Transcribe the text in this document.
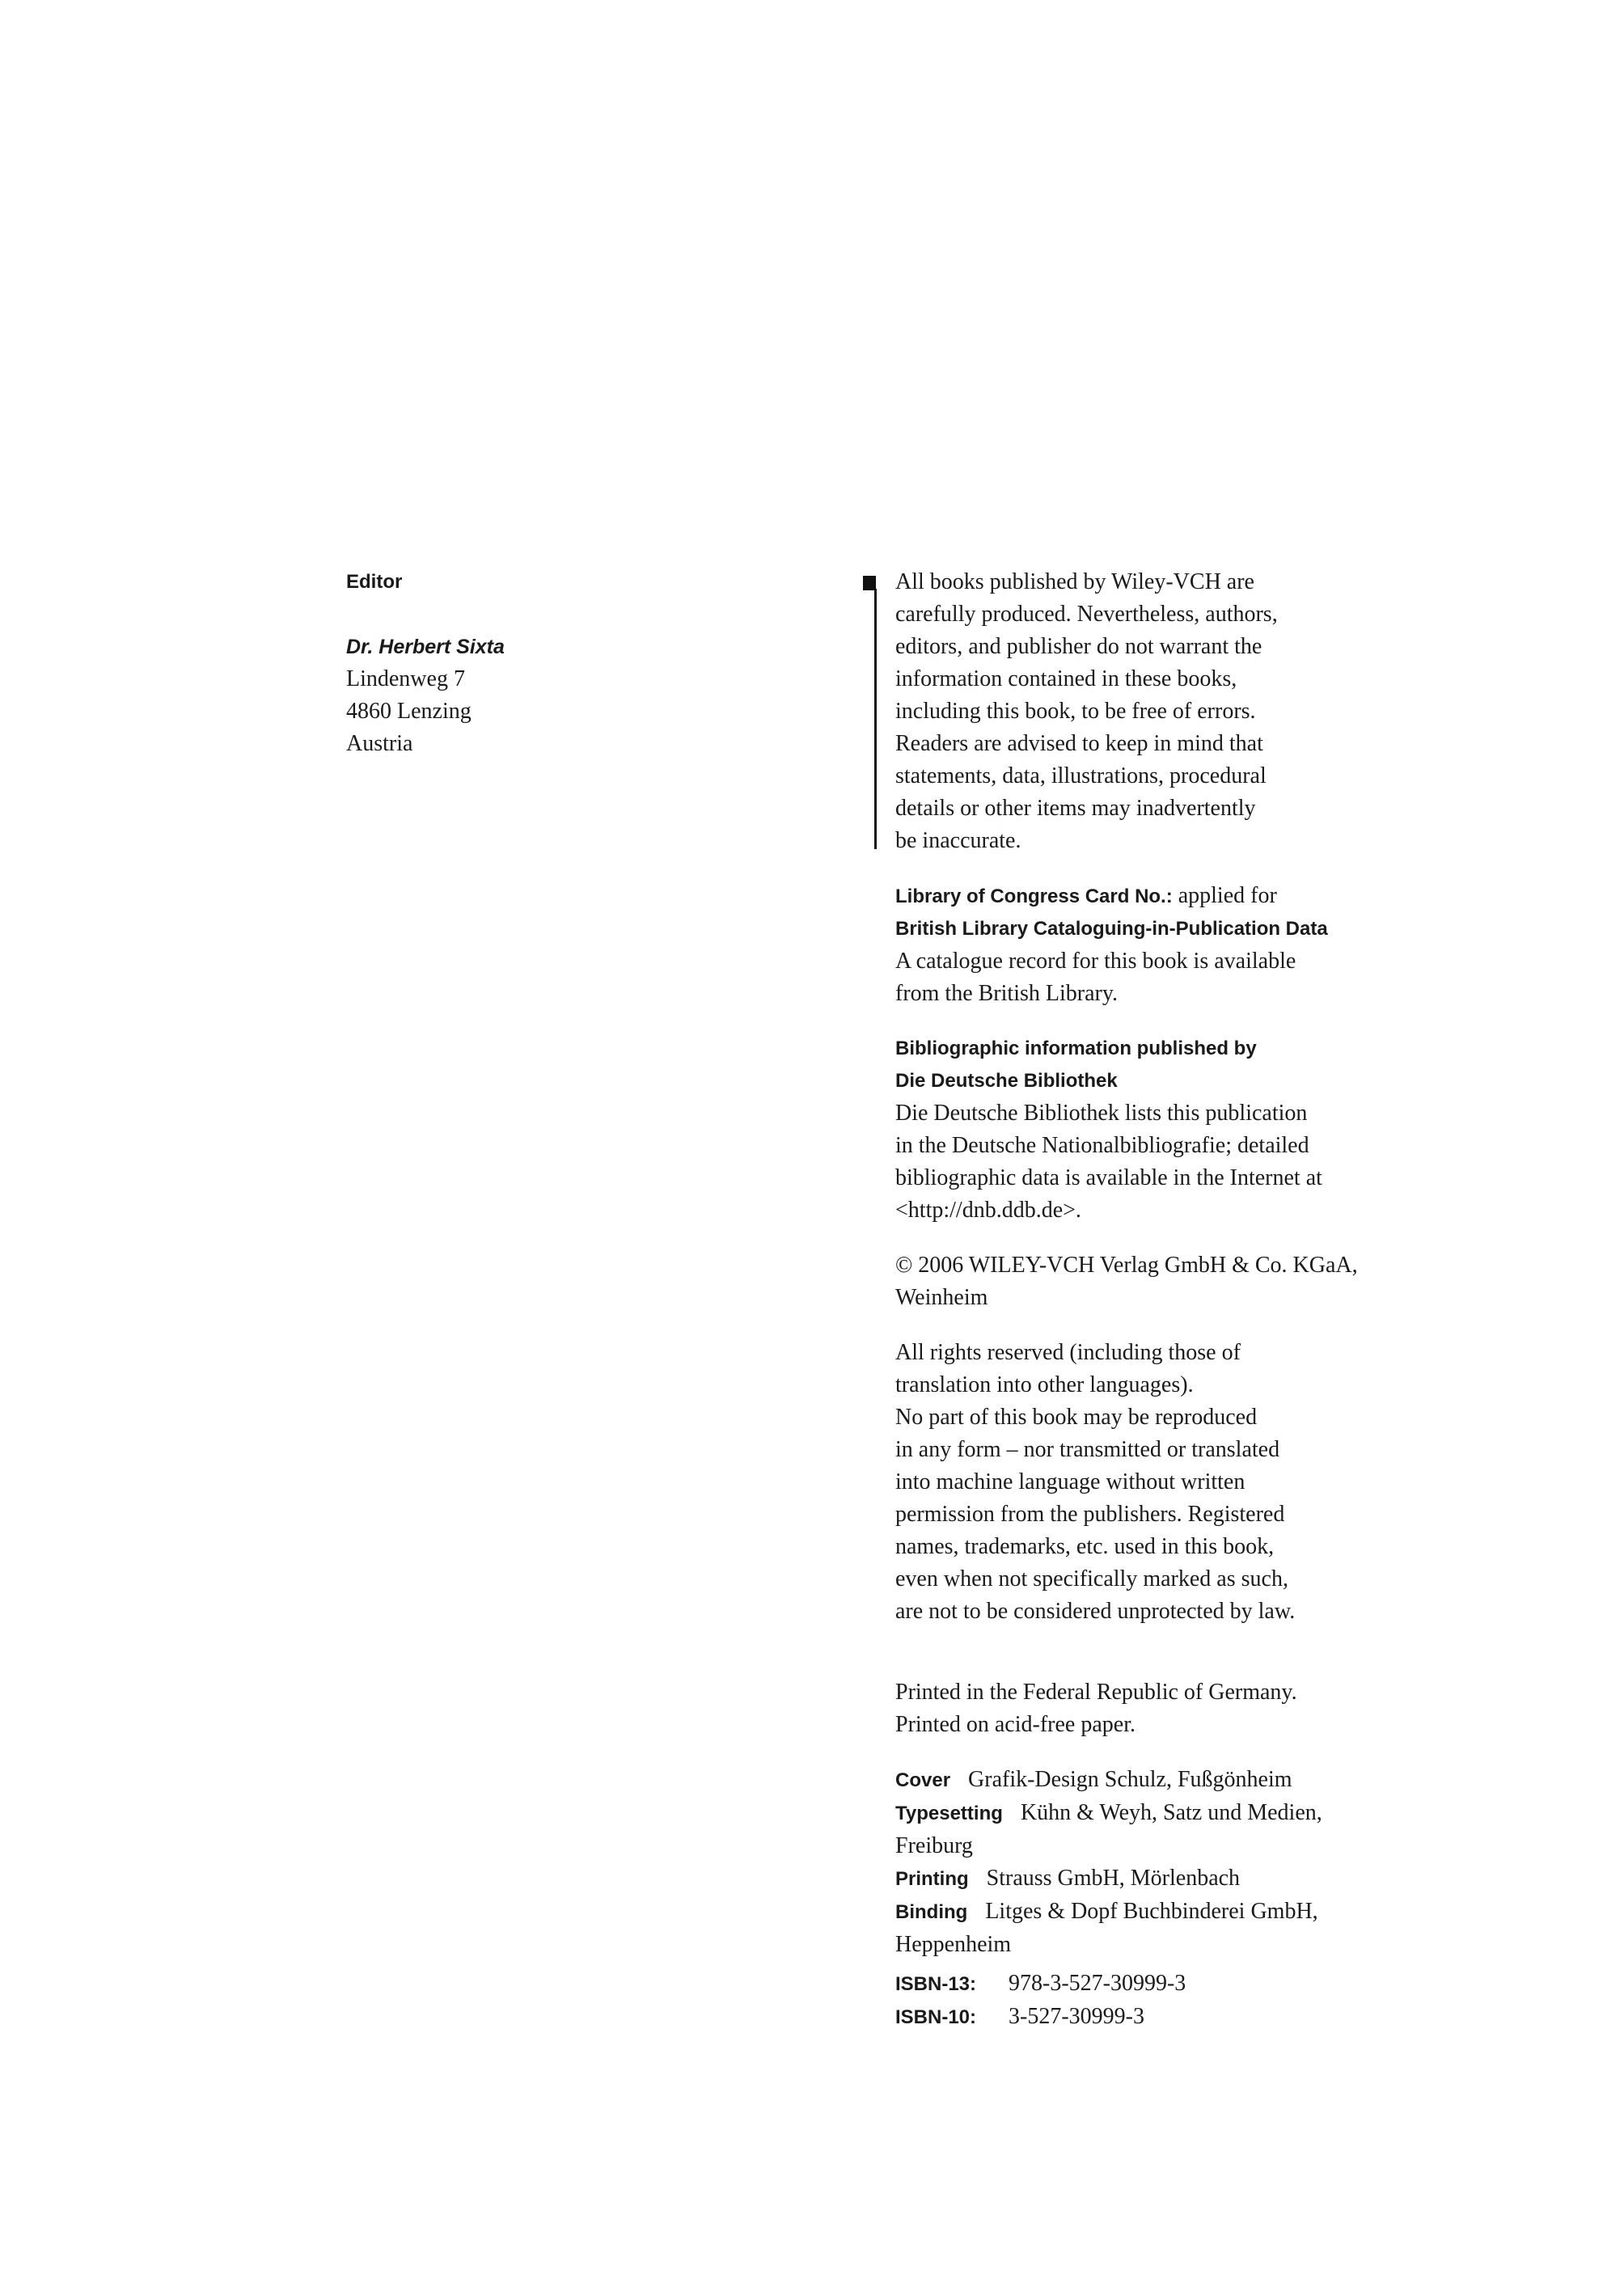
Editor
Dr. Herbert Sixta
Lindenweg 7
4860 Lenzing
Austria
All books published by Wiley-VCH are
carefully produced. Nevertheless, authors,
editors, and publisher do not warrant the
information contained in these books,
including this book, to be free of errors.
Readers are advised to keep in mind that
statements, data, illustrations, procedural
details or other items may inadvertently
be inaccurate.
Library of Congress Card No.: applied for
British Library Cataloguing-in-Publication Data
A catalogue record for this book is available
from the British Library.
Bibliographic information published by
Die Deutsche Bibliothek
Die Deutsche Bibliothek lists this publication
in the Deutsche Nationalbibliografie; detailed
bibliographic data is available in the Internet at
<http://dnb.ddb.de>.
© 2006 WILEY-VCH Verlag GmbH & Co. KGaA,
Weinheim
All rights reserved (including those of
translation into other languages).
No part of this book may be reproduced
in any form – nor transmitted or translated
into machine language without written
permission from the publishers. Registered
names, trademarks, etc. used in this book,
even when not specifically marked as such,
are not to be considered unprotected by law.
Printed in the Federal Republic of Germany.
Printed on acid-free paper.
Cover Grafik-Design Schulz, Fußgönheim
Typesetting Kühn & Weyh, Satz und Medien,
Freiburg
Printing Strauss GmbH, Mörlenbach
Binding Litges & Dopf Buchbinderei GmbH,
Heppenheim
ISBN-13: 978-3-527-30999-3
ISBN-10: 3-527-30999-3
